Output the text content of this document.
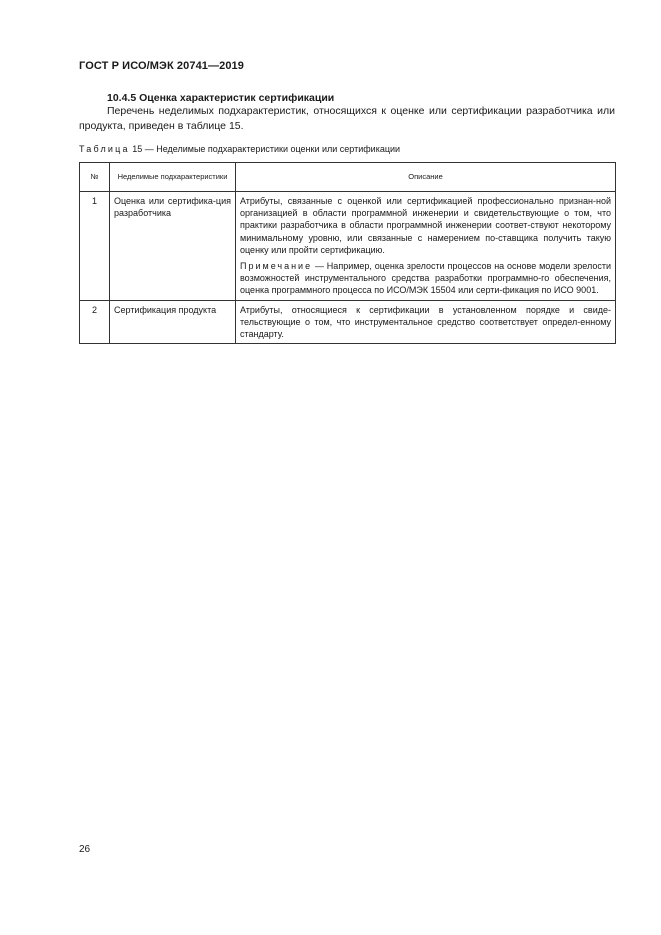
ГОСТ Р ИСО/МЭК 20741—2019
10.4.5 Оценка характеристик сертификации
Перечень неделимых подхарактеристик, относящихся к оценке или сертификации разработчика или продукта, приведен в таблице 15.
Таблица 15 — Неделимые подхарактеристики оценки или сертификации
№	Неделимые подхарактеристики	Описание
1	Оценка или сертифика-ция разработчика	Атрибуты, связанные с оценкой или сертификацией профессионально признан-ной организацией в области программной инженерии и свидетельствующие о том, что практики разработчика в области программной инженерии соответ-ствуют некоторому минимальному уровню, или связанные с намерением по-ставщика получить такую оценку или пройти сертификацию.

Примечание — Например, оценка зрелости процессов на основе модели зрелости возможностей инструментального средства разработки программно-го обеспечения, оценка программного процесса по ИСО/МЭК 15504 или серти-фикация по ИСО 9001.

2	Сертификация продукта	Атрибуты, относящиеся к сертификации в установленном порядке и свиде-тельствующие о том, что инструментальное средство соответствует определ-енному стандарту.

26
